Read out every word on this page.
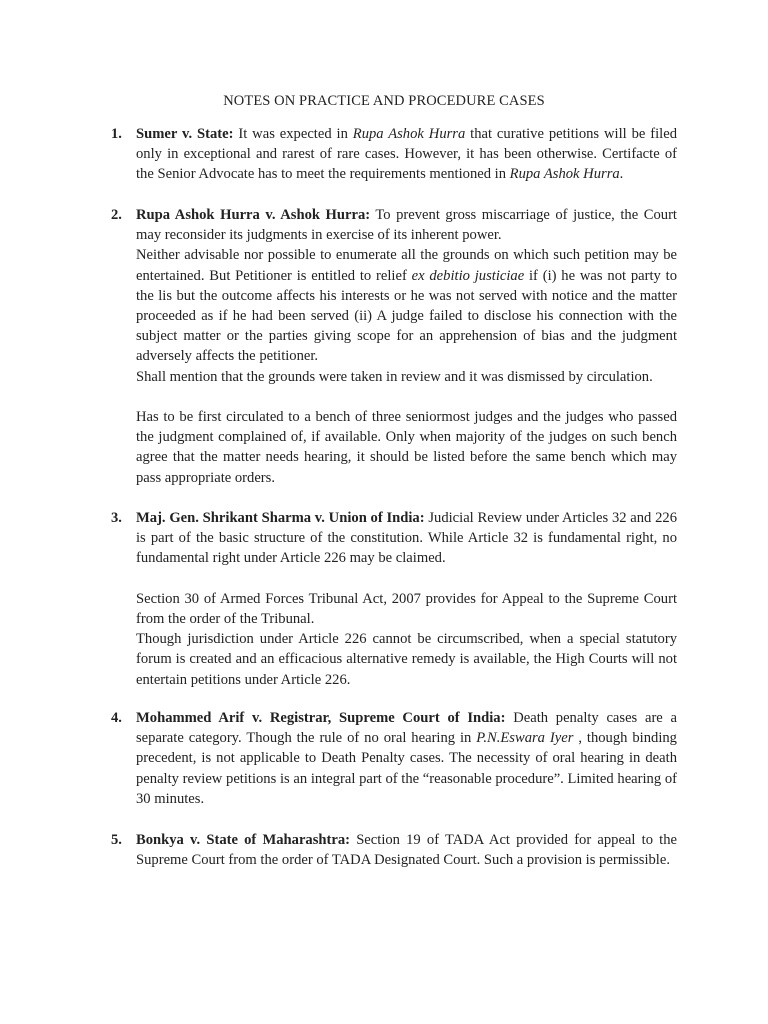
NOTES ON PRACTICE AND PROCEDURE CASES
1. Sumer v. State: It was expected in Rupa Ashok Hurra that curative petitions will be filed only in exceptional and rarest of rare cases. However, it has been otherwise. Certifacte of the Senior Advocate has to meet the requirements mentioned in Rupa Ashok Hurra.

2. Rupa Ashok Hurra v. Ashok Hurra: To prevent gross miscarriage of justice, the Court may reconsider its judgments in exercise of its inherent power.

Neither advisable nor possible to enumerate all the grounds on which such petition may be entertained. But Petitioner is entitled to relief ex debitio justiciae if (i) he was not party to the lis but the outcome affects his interests or he was not served with notice and the matter proceeded as if he had been served (ii) A judge failed to disclose his connection with the subject matter or the parties giving scope for an apprehension of bias and the judgment adversely affects the petitioner.

Shall mention that the grounds were taken in review and it was dismissed by circulation.

Has to be first circulated to a bench of three seniormost judges and the judges who passed the judgment complained of, if available. Only when majority of the judges on such bench agree that the matter needs hearing, it should be listed before the same bench which may pass appropriate orders.

3. Maj. Gen. Shrikant Sharma v. Union of India: Judicial Review under Articles 32 and 226 is part of the basic structure of the constitution. While Article 32 is fundamental right, no fundamental right under Article 226 may be claimed.

Section 30 of Armed Forces Tribunal Act, 2007 provides for Appeal to the Supreme Court from the order of the Tribunal.

Though jurisdiction under Article 226 cannot be circumscribed, when a special statutory forum is created and an efficacious alternative remedy is available, the High Courts will not entertain petitions under Article 226.

4. Mohammed Arif v. Registrar, Supreme Court of India: Death penalty cases are a separate category. Though the rule of no oral hearing in P.N.Eswara Iyer , though binding precedent, is not applicable to Death Penalty cases. The necessity of oral hearing in death penalty review petitions is an integral part of the “reasonable procedure”. Limited hearing of 30 minutes.

5. Bonkya v. State of Maharashtra: Section 19 of TADA Act provided for appeal to the Supreme Court from the order of TADA Designated Court. Such a provision is permissible.
